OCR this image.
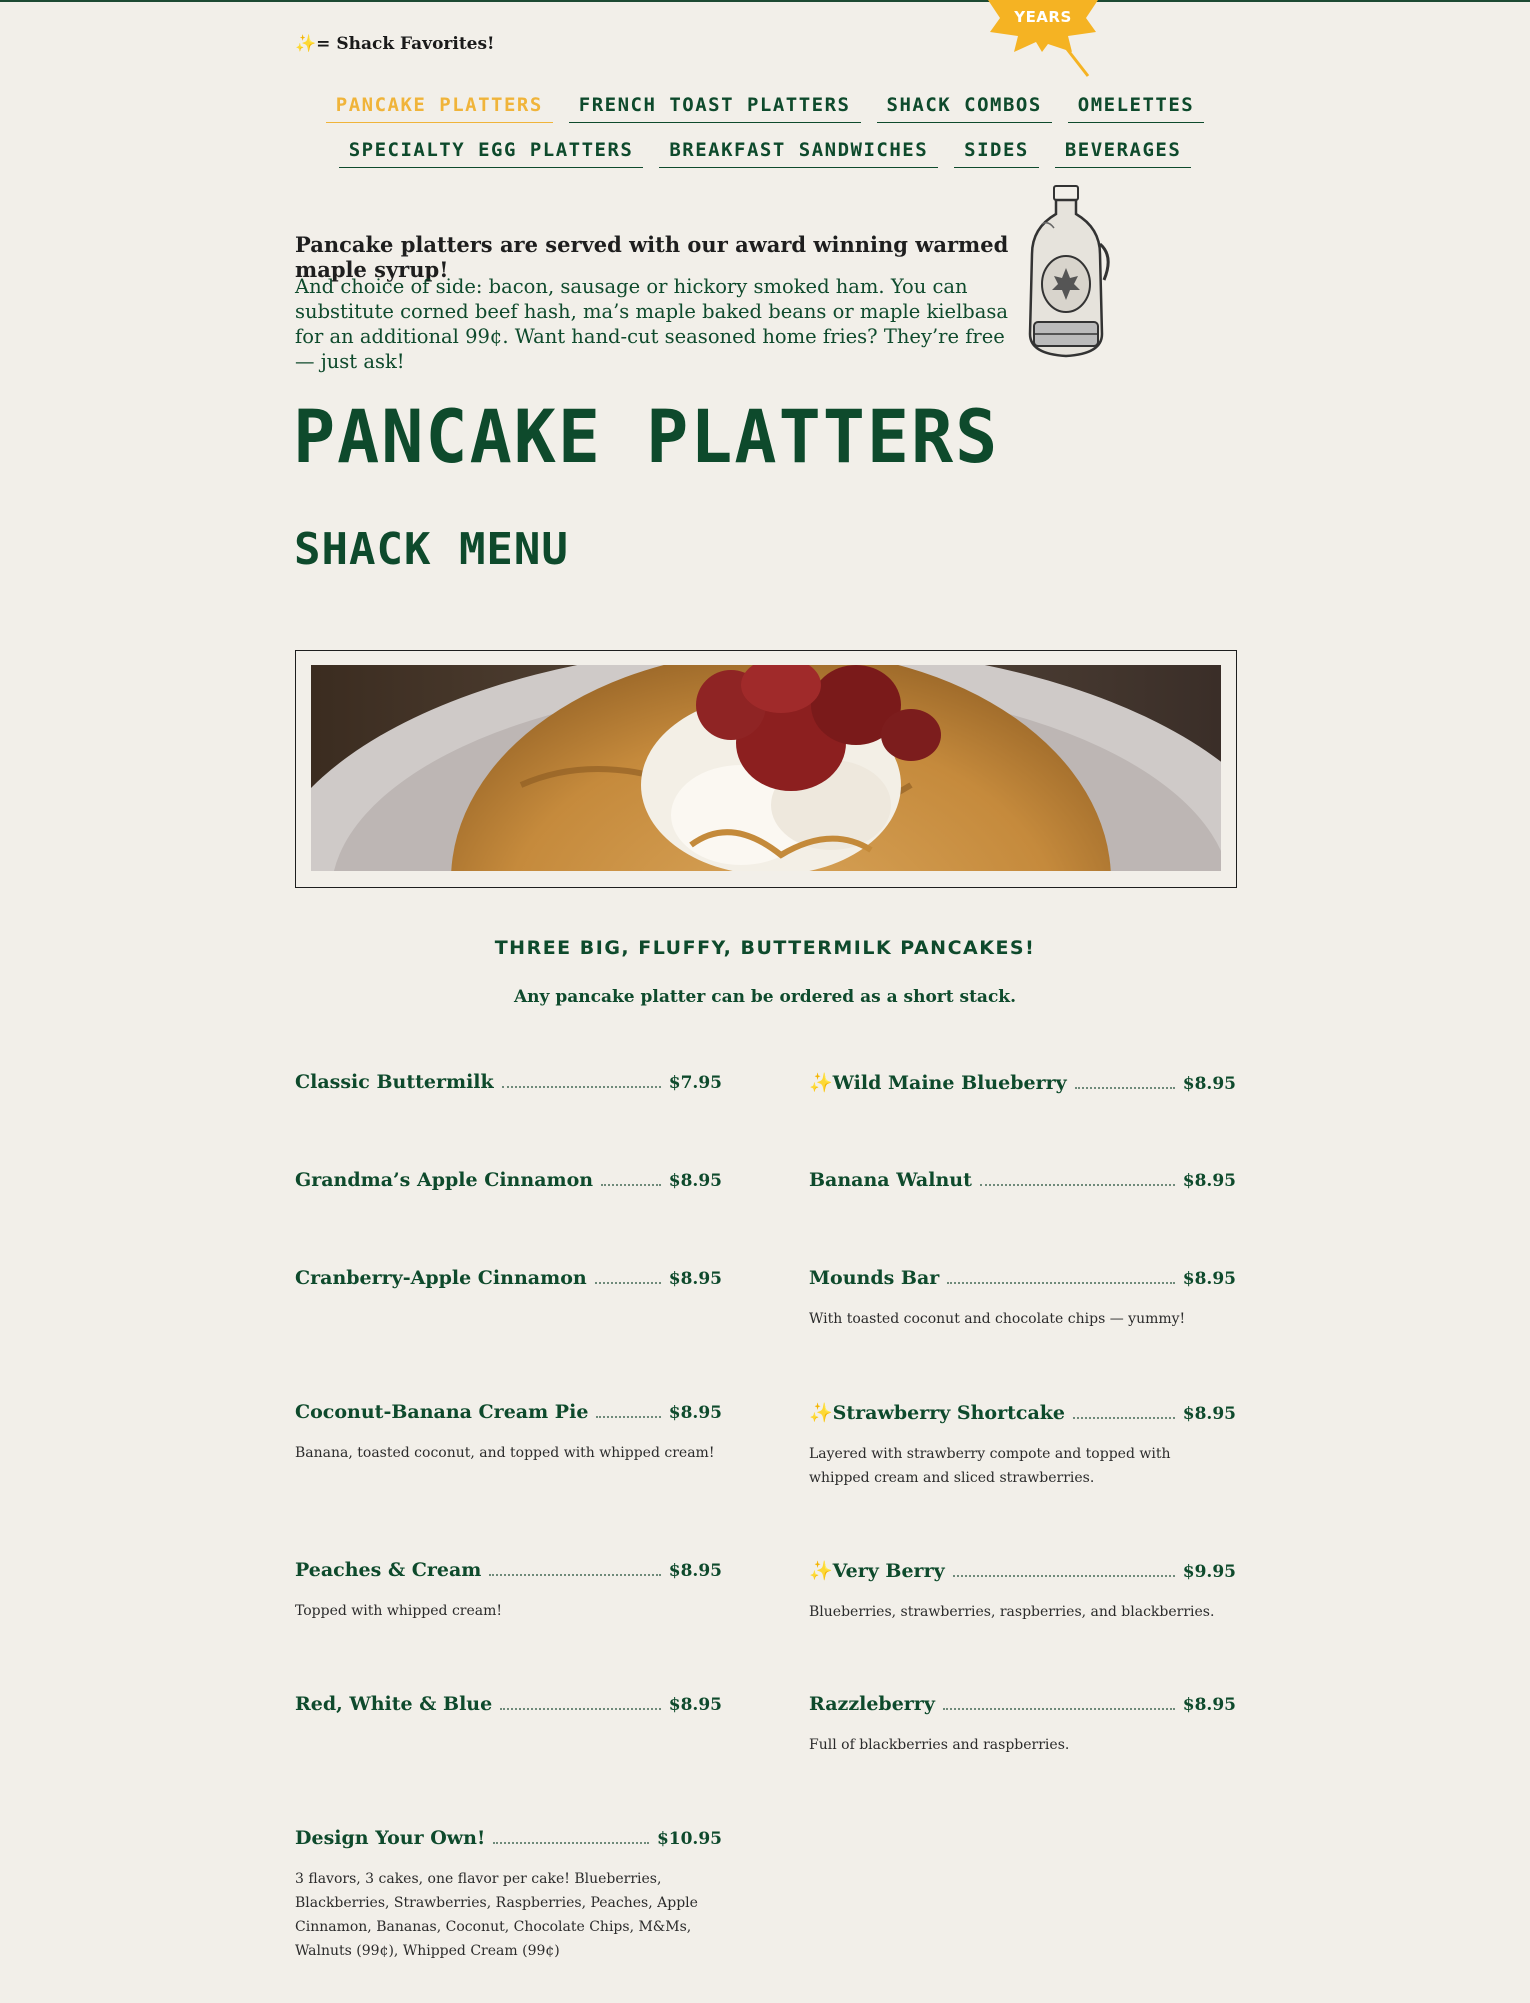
✨= Shack Favorites!
YEARS
PANCAKE PLATTERS	FRENCH TOAST PLATTERS	SHACK COMBOS	OMELETTES
SPECIALTY EGG PLATTERS	BREAKFAST SANDWICHES	SIDES	BEVERAGES
Pancake platters are served with our award winning warmed maple syrup!
And choice of side: bacon, sausage or hickory smoked ham. You can substitute corned beef hash, ma’s maple baked beans or maple kielbasa for an additional 99¢. Want hand-cut seasoned home fries? They’re free — just ask!
PANCAKE PLATTERS
SHACK MENU
THREE BIG, FLUFFY, BUTTERMILK PANCAKES!
Any pancake platter can be ordered as a short stack.
Classic Buttermilk	$7.95	✨Wild Maine Blueberry	$8.95
Grandma’s Apple Cinnamon	$8.95	Banana Walnut	$8.95
Cranberry-Apple Cinnamon	$8.95	Mounds Bar	$8.95
With toasted coconut and chocolate chips — yummy!
Coconut-Banana Cream Pie	$8.95
Banana, toasted coconut, and topped with whipped cream!
✨Strawberry Shortcake	$8.95
Layered with strawberry compote and topped with whipped cream and sliced strawberries.
Peaches & Cream	$8.95
Topped with whipped cream!
✨Very Berry	$9.95
Blueberries, strawberries, raspberries, and blackberries.
Red, White & Blue	$8.95	Razzleberry	$8.95
Full of blackberries and raspberries.
Design Your Own!	$10.95
3 flavors, 3 cakes, one flavor per cake! Blueberries, Blackberries, Strawberries, Raspberries, Peaches, Apple Cinnamon, Bananas, Coconut, Chocolate Chips, M&Ms, Walnuts (99¢), Whipped Cream (99¢)
